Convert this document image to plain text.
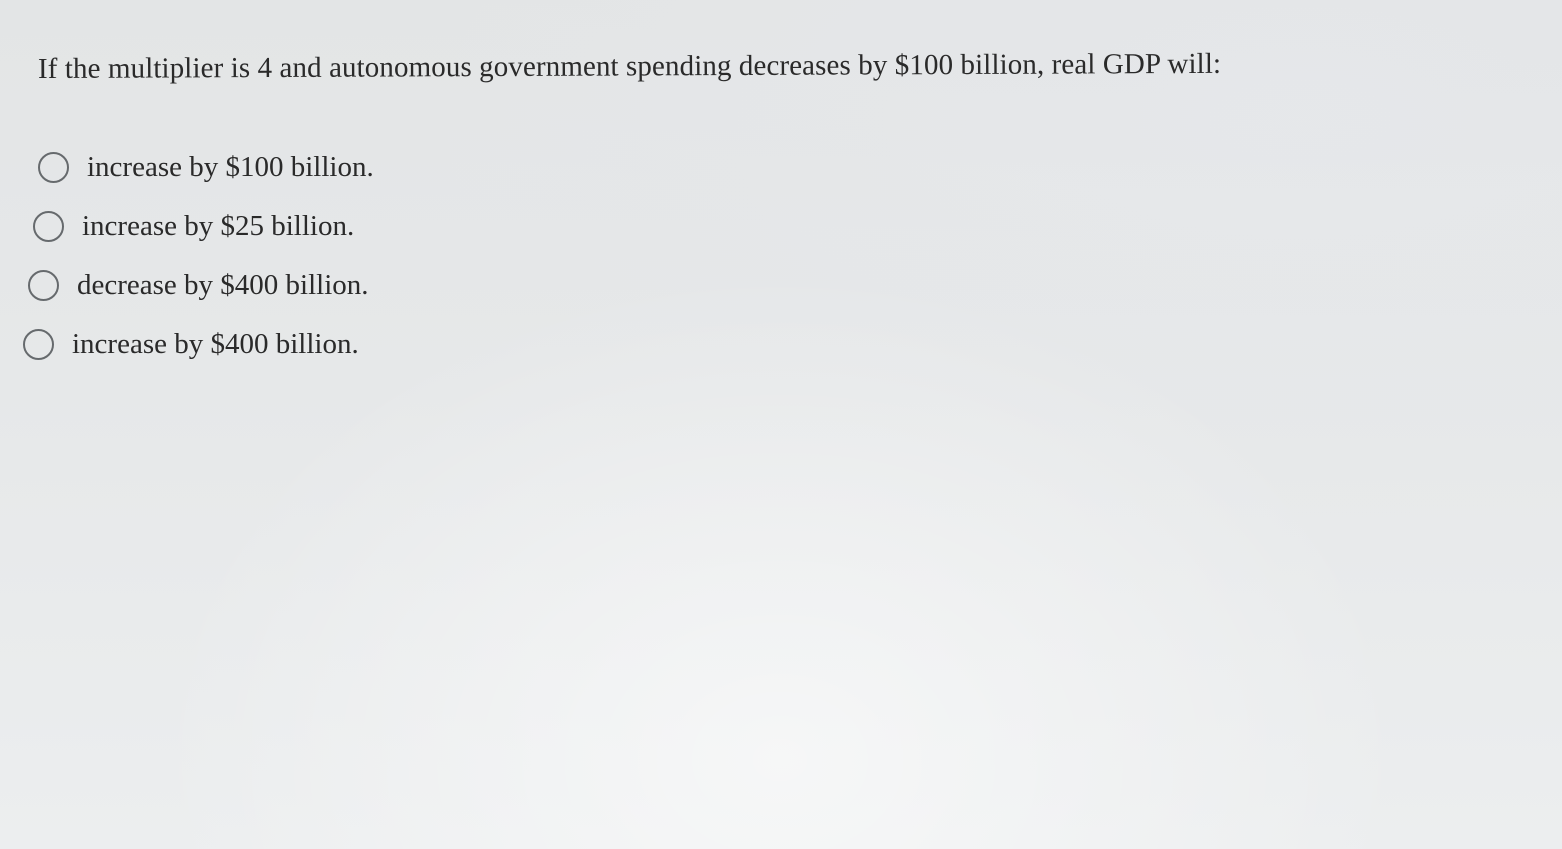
If the multiplier is 4 and autonomous government spending decreases by $100 billion, real GDP will:
increase by $100 billion.
increase by $25 billion.
decrease by $400 billion.
increase by $400 billion.
